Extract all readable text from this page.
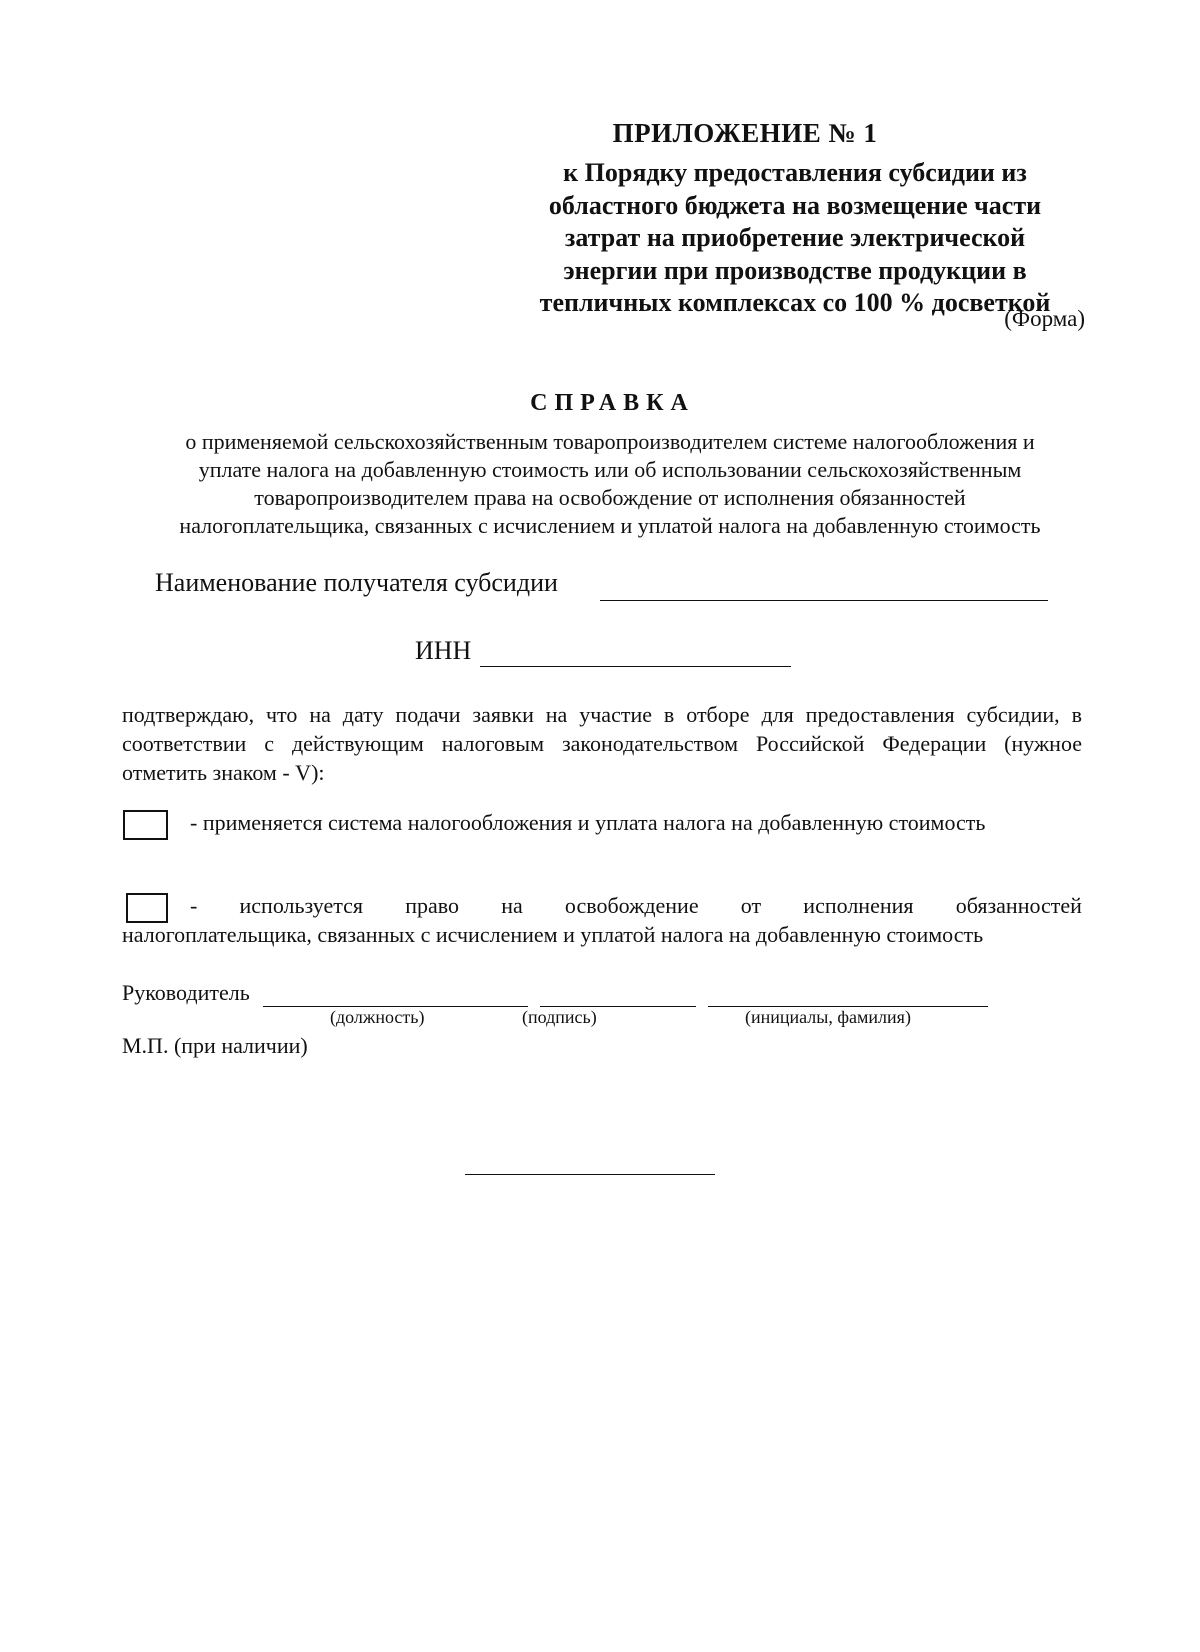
ПРИЛОЖЕНИЕ № 1
к Порядку предоставления субсидии из
областного бюджета на возмещение части
затрат на приобретение электрической
энергии при производстве продукции в
тепличных комплексах со 100 % досветкой
(Форма)
СПРАВКА
о применяемой сельскохозяйственным товаропроизводителем системе налогообложения и
уплате налога на добавленную стоимость или об использовании сельскохозяйственным
товаропроизводителем права на освобождение от исполнения обязанностей
налогоплательщика, связанных с исчислением и уплатой налога на добавленную стоимость
Наименование получателя субсидии
ИНН
подтверждаю, что на дату подачи заявки на участие в отборе для предоставления субсидии, в соответствии с действующим налоговым законодательством Российской Федерации (нужное отметить знаком - V):
- применяется система налогообложения и уплата налога на добавленную стоимость
- используется право на освобождение от исполнения обязанностей
налогоплательщика, связанных с исчислением и уплатой налога на добавленную стоимость
Руководитель
(должность)	(подпись)	(инициалы, фамилия)
М.П. (при наличии)
